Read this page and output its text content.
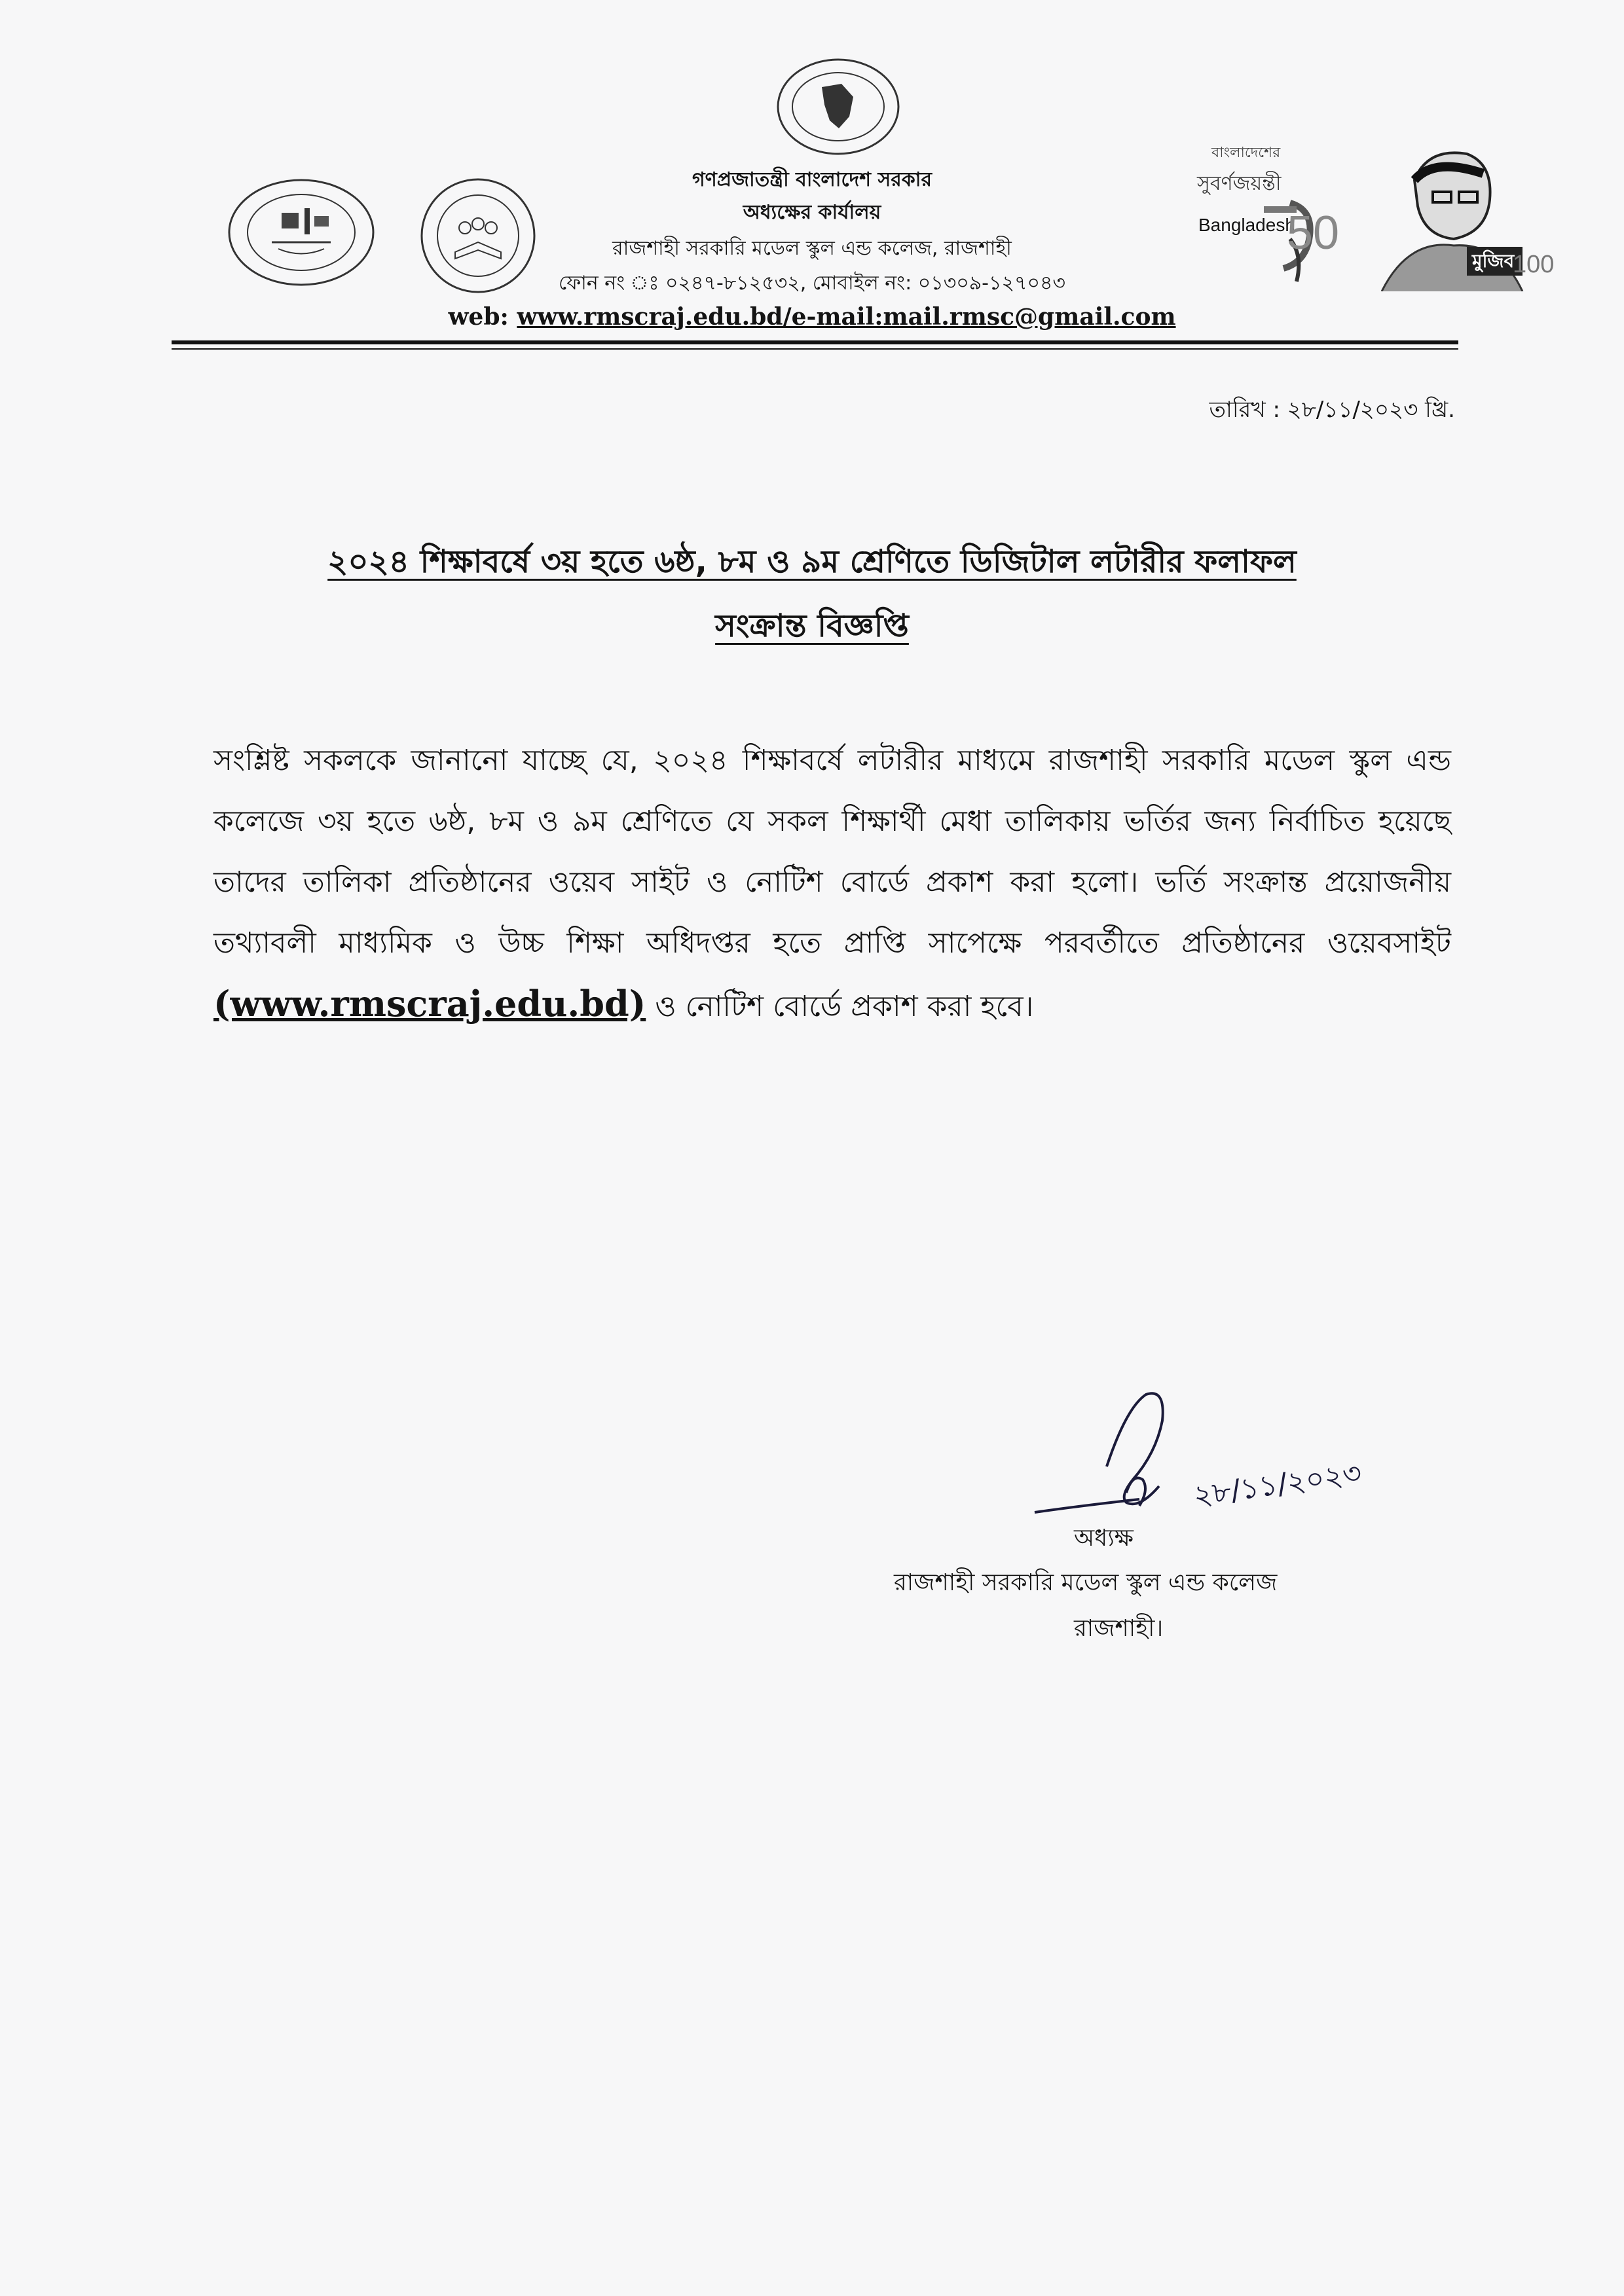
বাংলাদেশের
সুবর্ণজয়ন্তী
Bangladesh
50
মুজিব
100
গণপ্রজাতন্ত্রী বাংলাদেশ সরকার
অধ্যক্ষের কার্যালয়
রাজশাহী সরকারি মডেল স্কুল এন্ড কলেজ, রাজশাহী
ফোন নং ঃ ০২৪৭-৮১২৫৩২, মোবাইল নং: ০১৩০৯-১২৭০৪৩
web: www.rmscraj.edu.bd/e-mail:mail.rmsc@gmail.com
তারিখ : ২৮/১১/২০২৩ খ্রি.
২০২৪ শিক্ষাবর্ষে ৩য় হতে ৬ষ্ঠ, ৮ম ও ৯ম শ্রেণিতে ডিজিটাল লটারীর ফলাফল
সংক্রান্ত বিজ্ঞপ্তি
সংশ্লিষ্ট সকলকে জানানো যাচ্ছে যে, ২০২৪ শিক্ষাবর্ষে লটারীর মাধ্যমে রাজশাহী সরকারি মডেল স্কুল এন্ড কলেজে ৩য় হতে ৬ষ্ঠ, ৮ম ও ৯ম শ্রেণিতে যে সকল শিক্ষার্থী মেধা তালিকায় ভর্তির জন্য নির্বাচিত হয়েছে তাদের তালিকা প্রতিষ্ঠানের ওয়েব সাইট ও নোটিশ বোর্ডে প্রকাশ করা হলো। ভর্তি সংক্রান্ত প্রয়োজনীয় তথ্যাবলী মাধ্যমিক ও উচ্চ শিক্ষা অধিদপ্তর হতে প্রাপ্তি সাপেক্ষে পরবর্তীতে প্রতিষ্ঠানের ওয়েবসাইট (www.rmscraj.edu.bd) ও নোটিশ বোর্ডে প্রকাশ করা হবে।
২৮/১১/২০২৩
অধ্যক্ষ
রাজশাহী সরকারি মডেল স্কুল এন্ড কলেজ
রাজশাহী।
